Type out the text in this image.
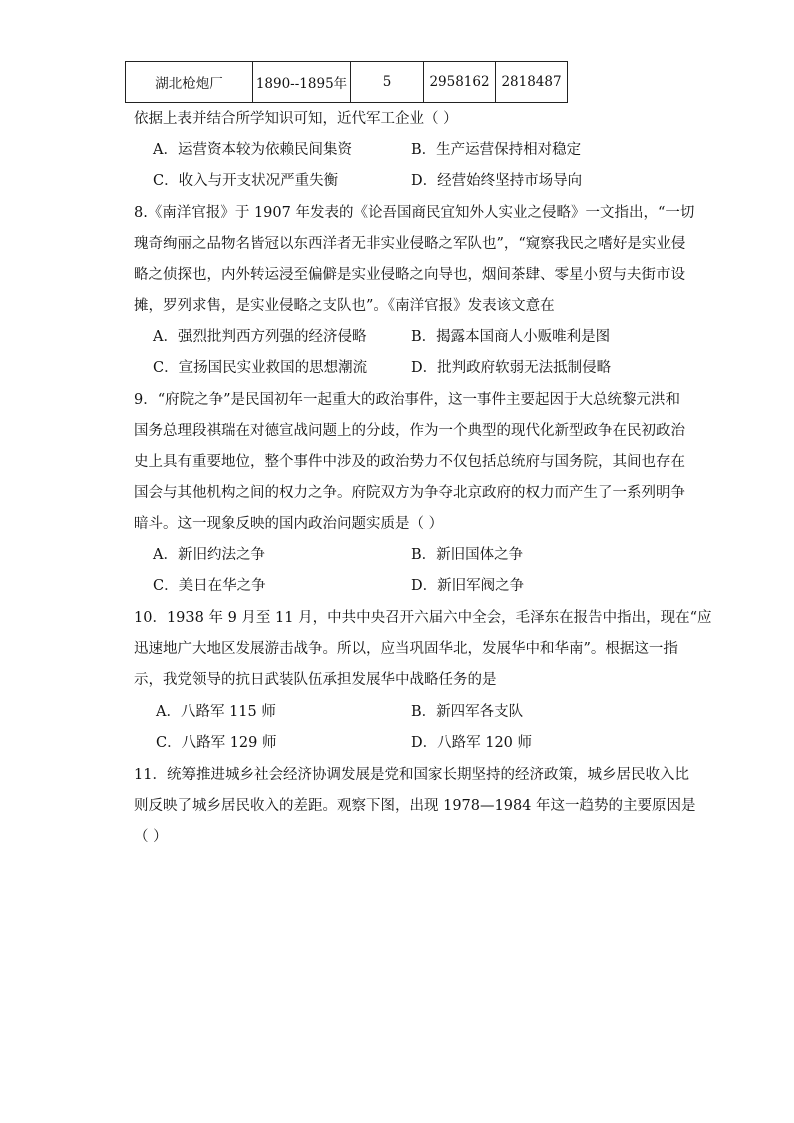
湖北枪炮厂	1890--1895年	5	2958162	2818487
依据上表并结合所学知识可知，近代军工企业（ ）
A．运营资本较为依赖民间集资	B．生产运营保持相对稳定
C．收入与开支状况严重失衡	D．经营始终坚持市场导向
8.《南洋官报》于 1907 年发表的《论吾国商民宜知外人实业之侵略》一文指出，“一切
瑰奇绚丽之品物名皆冠以东西洋者无非实业侵略之军队也”，“窥察我民之嗜好是实业侵
略之侦探也，内外转运浸至偏僻是实业侵略之向导也，烟间茶肆、零星小贸与夫街市设
摊，罗列求售，是实业侵略之支队也”。《南洋官报》发表该文意在
A．强烈批判西方列强的经济侵略	B．揭露本国商人小贩唯利是图
C．宣扬国民实业救国的思想潮流	D．批判政府软弱无法抵制侵略
9．“府院之争”是民国初年一起重大的政治事件，这一事件主要起因于大总统黎元洪和
国务总理段祺瑞在对德宣战问题上的分歧，作为一个典型的现代化新型政争在民初政治
史上具有重要地位，整个事件中涉及的政治势力不仅包括总统府与国务院，其间也存在
国会与其他机构之间的权力之争。府院双方为争夺北京政府的权力而产生了一系列明争
暗斗。这一现象反映的国内政治问题实质是（ ）
A．新旧约法之争	B．新旧国体之争
C．美日在华之争	D．新旧军阀之争
10．1938 年 9 月至 11 月，中共中央召开六届六中全会，毛泽东在报告中指出，现在“应
迅速地广大地区发展游击战争。所以，应当巩固华北，发展华中和华南”。根据这一指
示，我党领导的抗日武装队伍承担发展华中战略任务的是
A．八路军 115 师	B．新四军各支队
C．八路军 129 师	D．八路军 120 师
11．统筹推进城乡社会经济协调发展是党和国家长期坚持的经济政策，城乡居民收入比
则反映了城乡居民收入的差距。观察下图，出现 1978—1984 年这一趋势的主要原因是
（ ）
